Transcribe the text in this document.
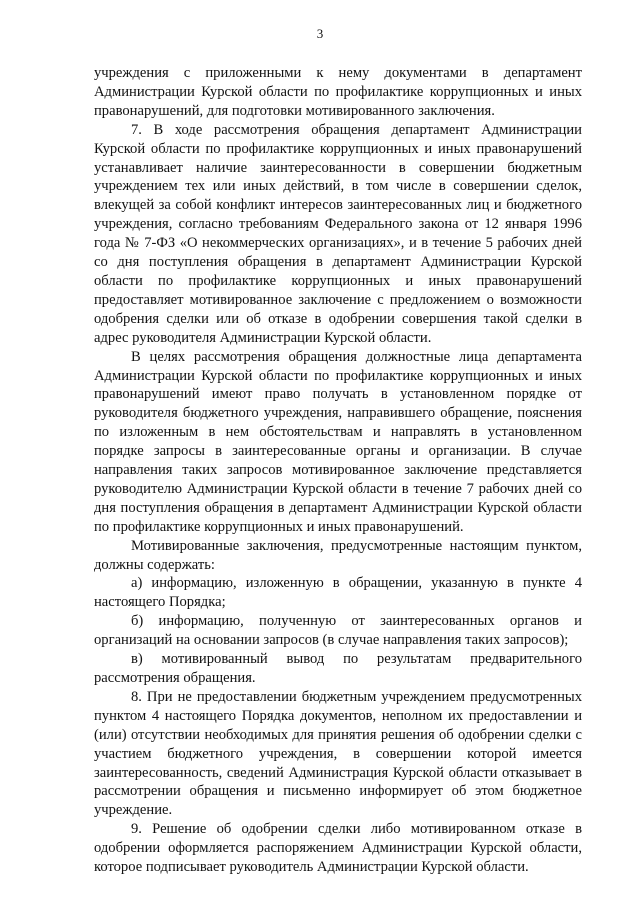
3

учреждения с приложенными к нему документами в департамент Администрации Курской области по профилактике коррупционных и иных правонарушений, для подготовки мотивированного заключения.

7. В ходе рассмотрения обращения департамент Администрации Курской области по профилактике коррупционных и иных правонарушений устанавливает наличие заинтересованности в совершении бюджетным учреждением тех или иных действий, в том числе в совершении сделок, влекущей за собой конфликт интересов заинтересованных лиц и бюджетного учреждения, согласно требованиям Федерального закона от 12 января 1996 года № 7-ФЗ «О некоммерческих организациях», и в течение 5 рабочих дней со дня поступления обращения в департамент Администрации Курской области по профилактике коррупционных и иных правонарушений предоставляет мотивированное заключение с предложением о возможности одобрения сделки или об отказе в одобрении совершения такой сделки в адрес руководителя Администрации Курской области.

В целях рассмотрения обращения должностные лица департамента Администрации Курской области по профилактике коррупционных и иных правонарушений имеют право получать в установленном порядке от руководителя бюджетного учреждения, направившего обращение, пояснения по изложенным в нем обстоятельствам и направлять в установленном порядке запросы в заинтересованные органы и организации. В случае направления таких запросов мотивированное заключение представляется руководителю Администрации Курской области в течение 7 рабочих дней со дня поступления обращения в департамент Администрации Курской области по профилактике коррупционных и иных правонарушений.

Мотивированные заключения, предусмотренные настоящим пунктом, должны содержать:

а) информацию, изложенную в обращении, указанную в пункте 4 настоящего Порядка;

б) информацию, полученную от заинтересованных органов и организаций на основании запросов (в случае направления таких запросов);

в) мотивированный вывод по результатам предварительного рассмотрения обращения.

8. При не предоставлении бюджетным учреждением предусмотренных пунктом 4 настоящего Порядка документов, неполном их предоставлении и (или) отсутствии необходимых для принятия решения об одобрении сделки с участием бюджетного учреждения, в совершении которой имеется заинтересованность, сведений Администрация Курской области отказывает в рассмотрении обращения и письменно информирует об этом бюджетное учреждение.

9. Решение об одобрении сделки либо мотивированном отказе в одобрении оформляется распоряжением Администрации Курской области, которое подписывает руководитель Администрации Курской области.
